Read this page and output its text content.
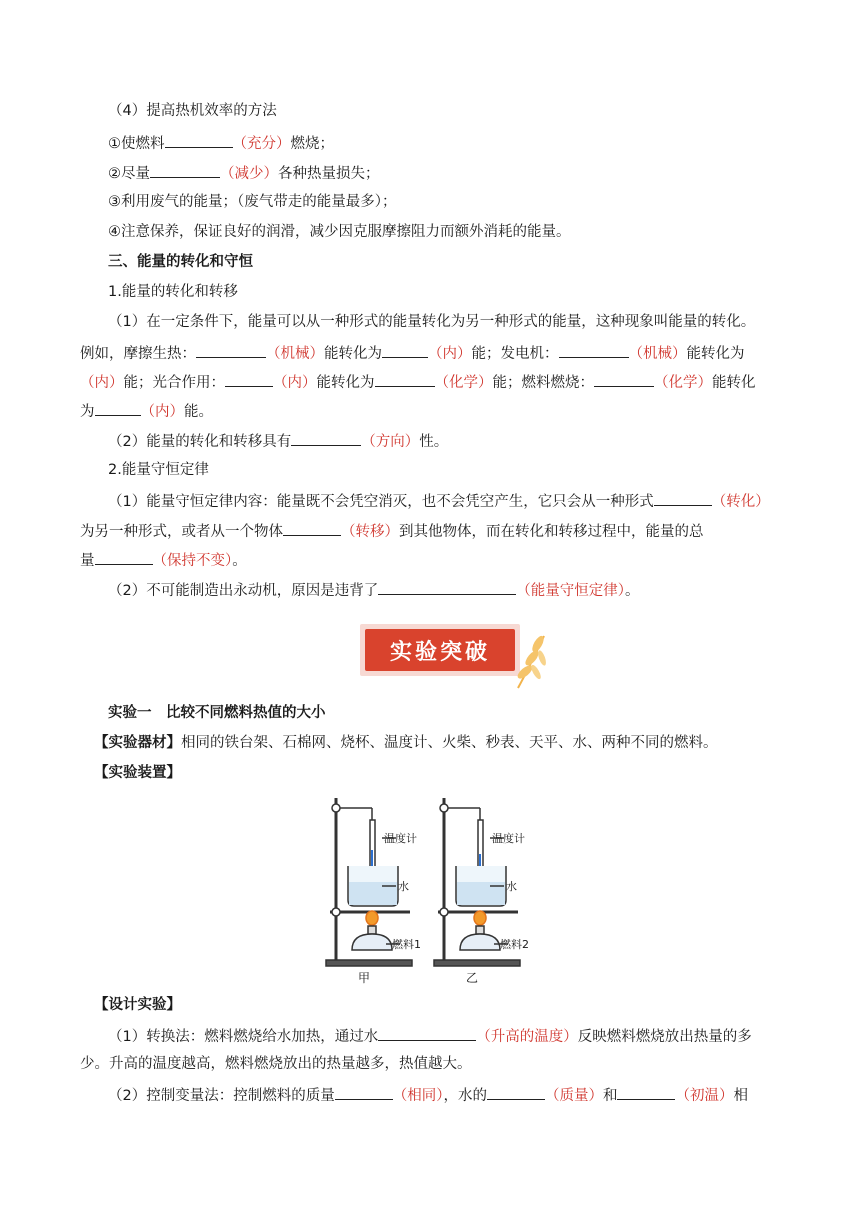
（4）提高热机效率的方法
①使燃料	（充分）燃烧；
②尽量	（减少）各种热量损失；
③利用废气的能量；（废气带走的能量最多）；
④注意保养，保证良好的润滑，减少因克服摩擦阻力而额外消耗的能量。
三、能量的转化和守恒
1.能量的转化和转移
（1）在一定条件下，能量可以从一种形式的能量转化为另一种形式的能量，这种现象叫能量的转化。
例如，摩擦生热：	（机械）能转化为	（内）能；发电机：	（机械）能转化为
（内）能；光合作用：	（内）能转化为	（化学）能；燃料燃烧：	（化学）能转化
为	（内）能。
（2）能量的转化和转移具有	（方向）性。
2.能量守恒定律
（1）能量守恒定律内容：能量既不会凭空消灭，也不会凭空产生，它只会从一种形式	（转化）
为另一种形式，或者从一个物体	（转移）到其他物体，而在转化和转移过程中，能量的总
量	（保持不变）。
（2）不可能制造出永动机，原因是违背了	（能量守恒定律）。
实验突破
实验一　比较不同燃料热值的大小
【实验器材】相同的铁台架、石棉网、烧杯、温度计、火柴、秒表、天平、水、两种不同的燃料。
【实验装置】
温度计
水
燃料1
温度计
水
燃料2
甲	乙
【设计实验】
（1）转换法：燃料燃烧给水加热，通过水	（升高的温度）反映燃料燃烧放出热量的多
少。升高的温度越高，燃料燃烧放出的热量越多，热值越大。
（2）控制变量法：控制燃料的质量	（相同），水的	（质量）和	（初温）相
